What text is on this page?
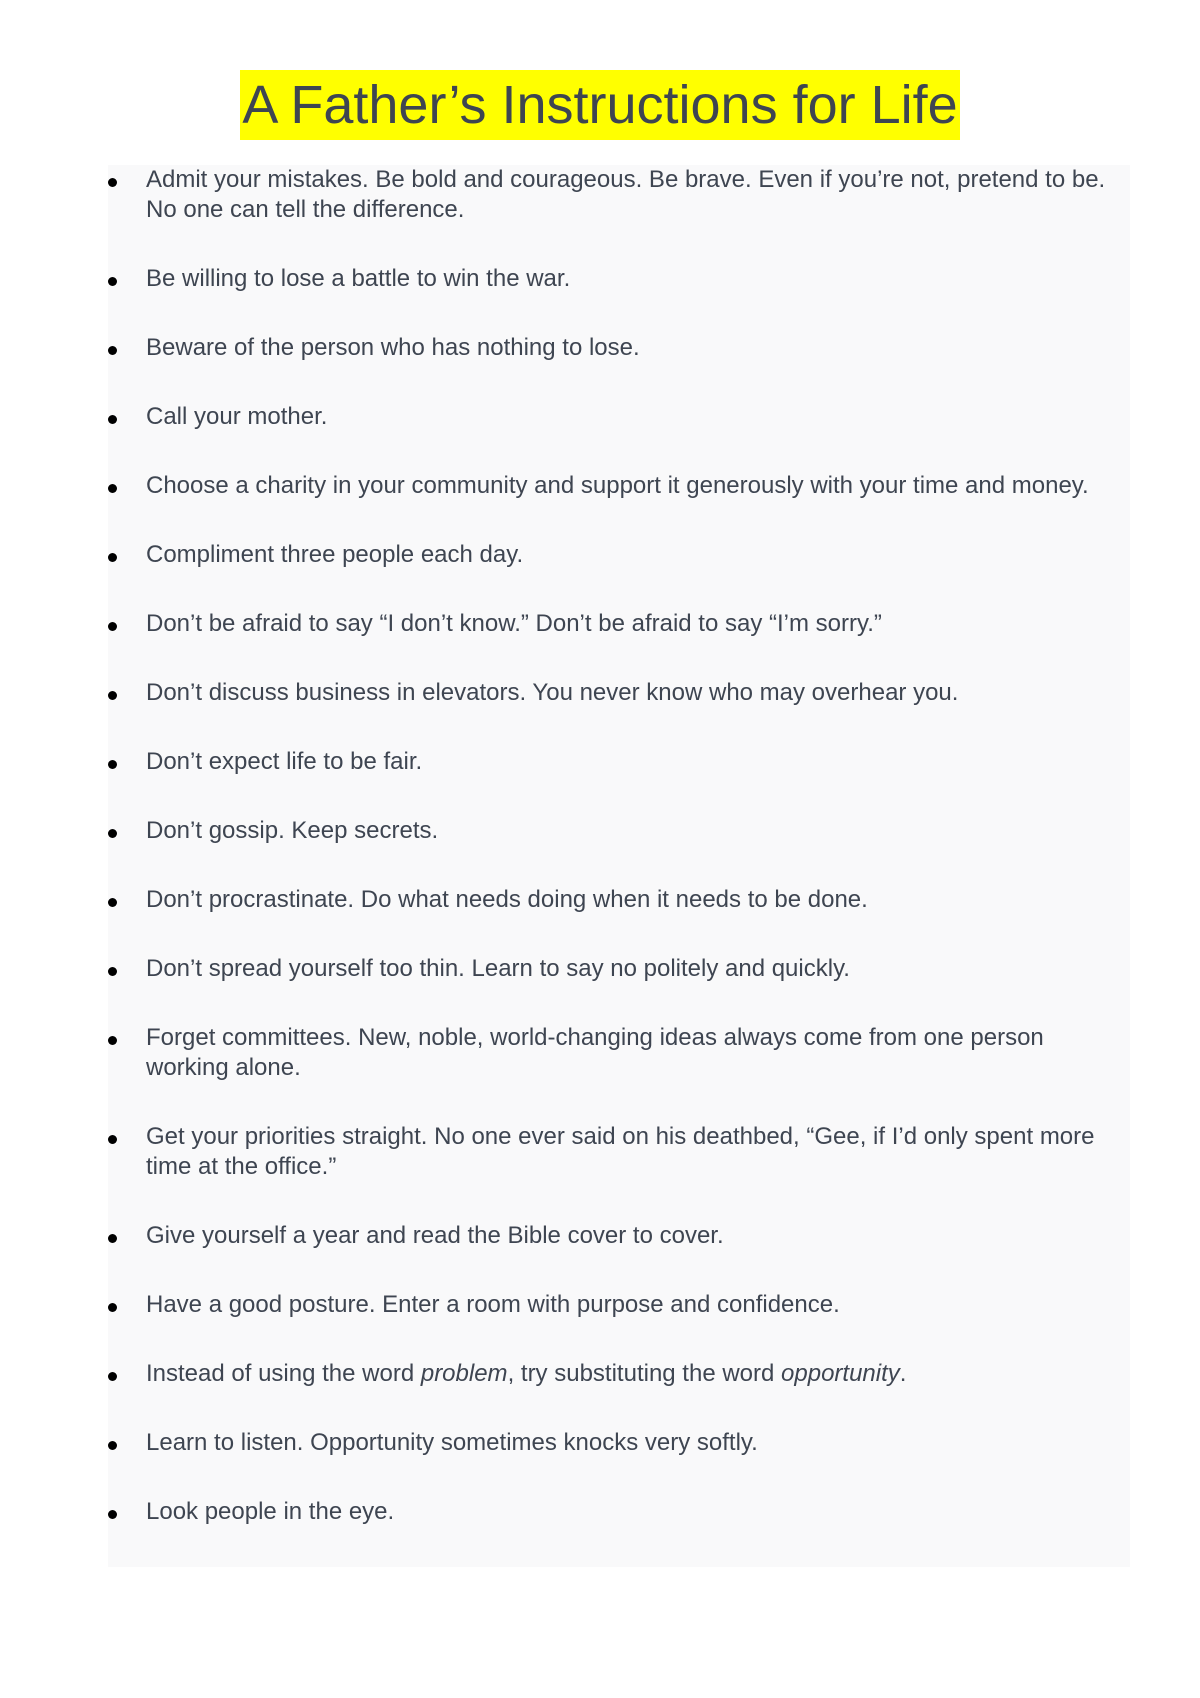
A Father’s Instructions for Life
Admit your mistakes. Be bold and courageous. Be brave. Even if you’re not, pretend to be. No one can tell the difference.
Be willing to lose a battle to win the war.
Beware of the person who has nothing to lose.
Call your mother.
Choose a charity in your community and support it generously with your time and money.
Compliment three people each day.
Don’t be afraid to say “I don’t know.” Don’t be afraid to say “I’m sorry.”
Don’t discuss business in elevators. You never know who may overhear you.
Don’t expect life to be fair.
Don’t gossip. Keep secrets.
Don’t procrastinate. Do what needs doing when it needs to be done.
Don’t spread yourself too thin. Learn to say no politely and quickly.
Forget committees. New, noble, world-changing ideas always come from one person working alone.
Get your priorities straight. No one ever said on his deathbed, “Gee, if I’d only spent more time at the office.”
Give yourself a year and read the Bible cover to cover.
Have a good posture. Enter a room with purpose and confidence.
Instead of using the word problem, try substituting the word opportunity.
Learn to listen. Opportunity sometimes knocks very softly.
Look people in the eye.
